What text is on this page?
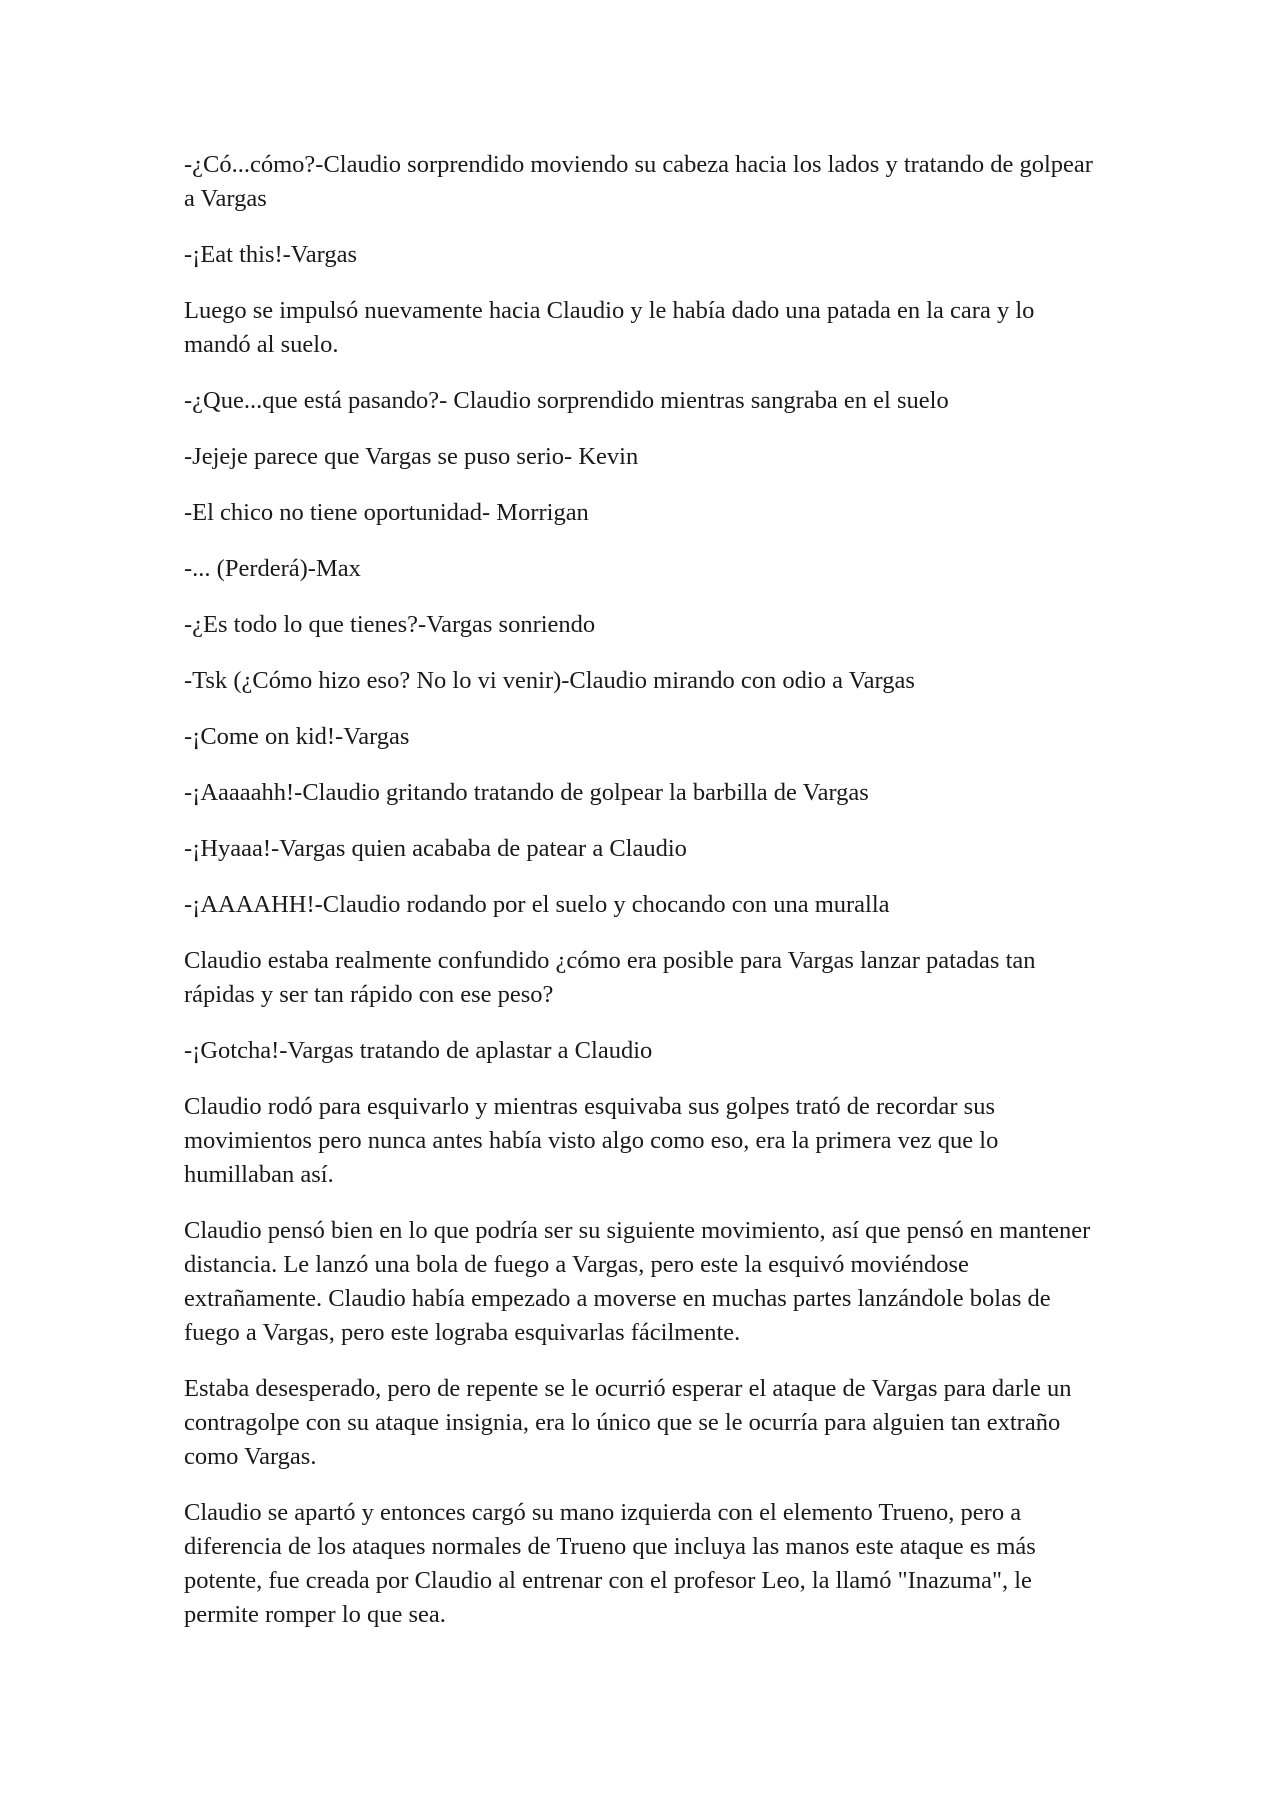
-¿Có...cómo?-Claudio sorprendido moviendo su cabeza hacia los lados y tratando de golpear a Vargas

-¡Eat this!-Vargas

Luego se impulsó nuevamente hacia Claudio y le había dado una patada en la cara y lo mandó al suelo.

-¿Que...que está pasando?- Claudio sorprendido mientras sangraba en el suelo

-Jejeje parece que Vargas se puso serio- Kevin

-El chico no tiene oportunidad- Morrigan

-... (Perderá)-Max

-¿Es todo lo que tienes?-Vargas sonriendo

-Tsk (¿Cómo hizo eso? No lo vi venir)-Claudio mirando con odio a Vargas

-¡Come on kid!-Vargas

-¡Aaaaahh!-Claudio gritando tratando de golpear la barbilla de Vargas

-¡Hyaaa!-Vargas quien acababa de patear a Claudio

-¡AAAAHH!-Claudio rodando por el suelo y chocando con una muralla

Claudio estaba realmente confundido ¿cómo era posible para Vargas lanzar patadas tan rápidas y ser tan rápido con ese peso?

-¡Gotcha!-Vargas tratando de aplastar a Claudio

Claudio rodó para esquivarlo y mientras esquivaba sus golpes trató de recordar sus movimientos pero nunca antes había visto algo como eso, era la primera vez que lo humillaban así.

Claudio pensó bien en lo que podría ser su siguiente movimiento, así que pensó en mantener distancia. Le lanzó una bola de fuego a Vargas, pero este la esquivó moviéndose extrañamente. Claudio había empezado a moverse en muchas partes lanzándole bolas de fuego a Vargas, pero este lograba esquivarlas fácilmente.

Estaba desesperado, pero de repente se le ocurrió esperar el ataque de Vargas para darle un contragolpe con su ataque insignia, era lo único que se le ocurría para alguien tan extraño como Vargas.

Claudio se apartó y entonces cargó su mano izquierda con el elemento Trueno, pero a diferencia de los ataques normales de Trueno que incluya las manos este ataque es más potente, fue creada por Claudio al entrenar con el profesor Leo, la llamó "Inazuma", le permite romper lo que sea.
